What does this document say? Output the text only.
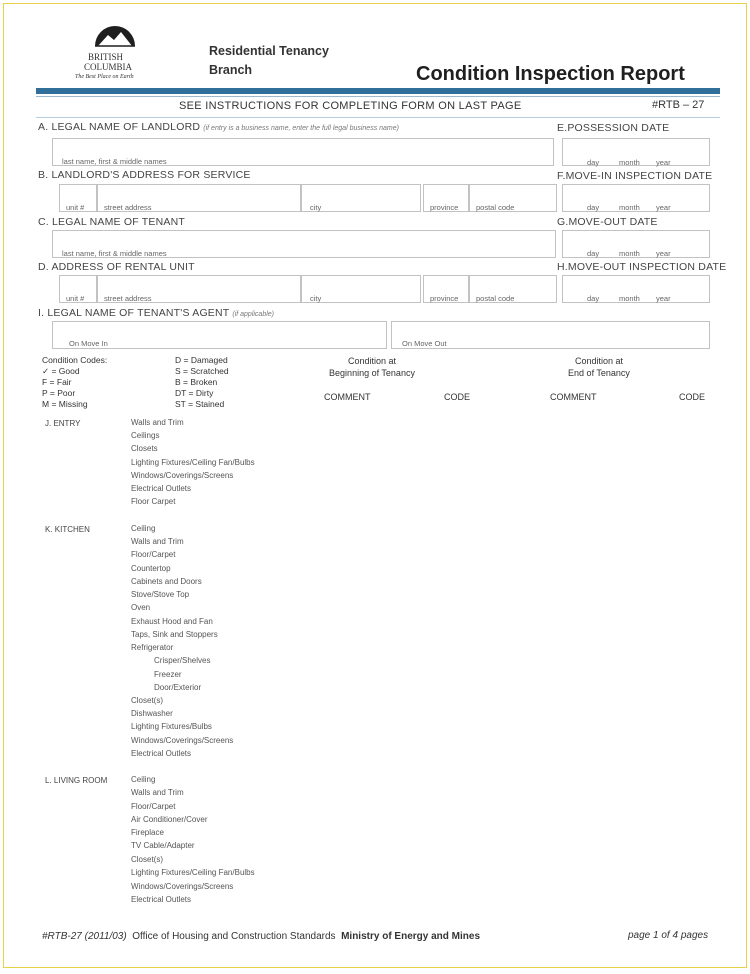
BRITISH
COLUMBIA
The Best Place on Earth
Residential Tenancy
Branch	Condition Inspection Report
SEE INSTRUCTIONS FOR COMPLETING FORM ON LAST PAGE	#RTB – 27
A. LEGAL NAME OF LANDLORD (if entry is a business name, enter the full legal business name)
last name, first & middle names
E.POSSESSION DATE
day	month year
B. LANDLORD'S ADDRESS FOR SERVICE
unit #	street address	city	province postal code
F.MOVE-IN INSPECTION DATE
day	month year
C. LEGAL NAME OF TENANT
last name, first & middle names
G.MOVE-OUT DATE
day	month year
D. ADDRESS OF RENTAL UNIT
unit #	street address	city	province postal code
H.MOVE-OUT INSPECTION DATE
day	month year
I. LEGAL NAME OF TENANT'S AGENT (if applicable)
On Move In	On Move Out
Condition Codes:
✓ = Good
F = Fair
P = Poor
M = Missing
D = Damaged
S = Scratched
B = Broken
DT = Dirty
ST = Stained
Condition at
Beginning of Tenancy
Condition at
End of Tenancy
COMMENT	CODE	COMMENT	CODE
J. ENTRY	Walls and Trim
Ceilings
Closets
Lighting Fixtures/Ceiling Fan/Bulbs
Windows/Coverings/Screens
Electrical Outlets
Floor Carpet
K. KITCHEN	Ceiling
Walls and Trim
Floor/Carpet
Countertop
Cabinets and Doors
Stove/Stove Top
Oven
Exhaust Hood and Fan
Taps, Sink and Stoppers
Refrigerator
Crisper/Shelves
Freezer
Door/Exterior
Closet(s)
Dishwasher
Lighting Fixtures/Bulbs
Windows/Coverings/Screens
Electrical Outlets
L. LIVING ROOM	Ceiling
Walls and Trim
Floor/Carpet
Air Conditioner/Cover
Fireplace
TV Cable/Adapter
Closet(s)
Lighting Fixtures/Ceiling Fan/Bulbs
Windows/Coverings/Screens
Electrical Outlets
#RTB-27 (2011/03) Office of Housing and Construction Standards Ministry of Energy and Mines	page 1 of 4 pages
